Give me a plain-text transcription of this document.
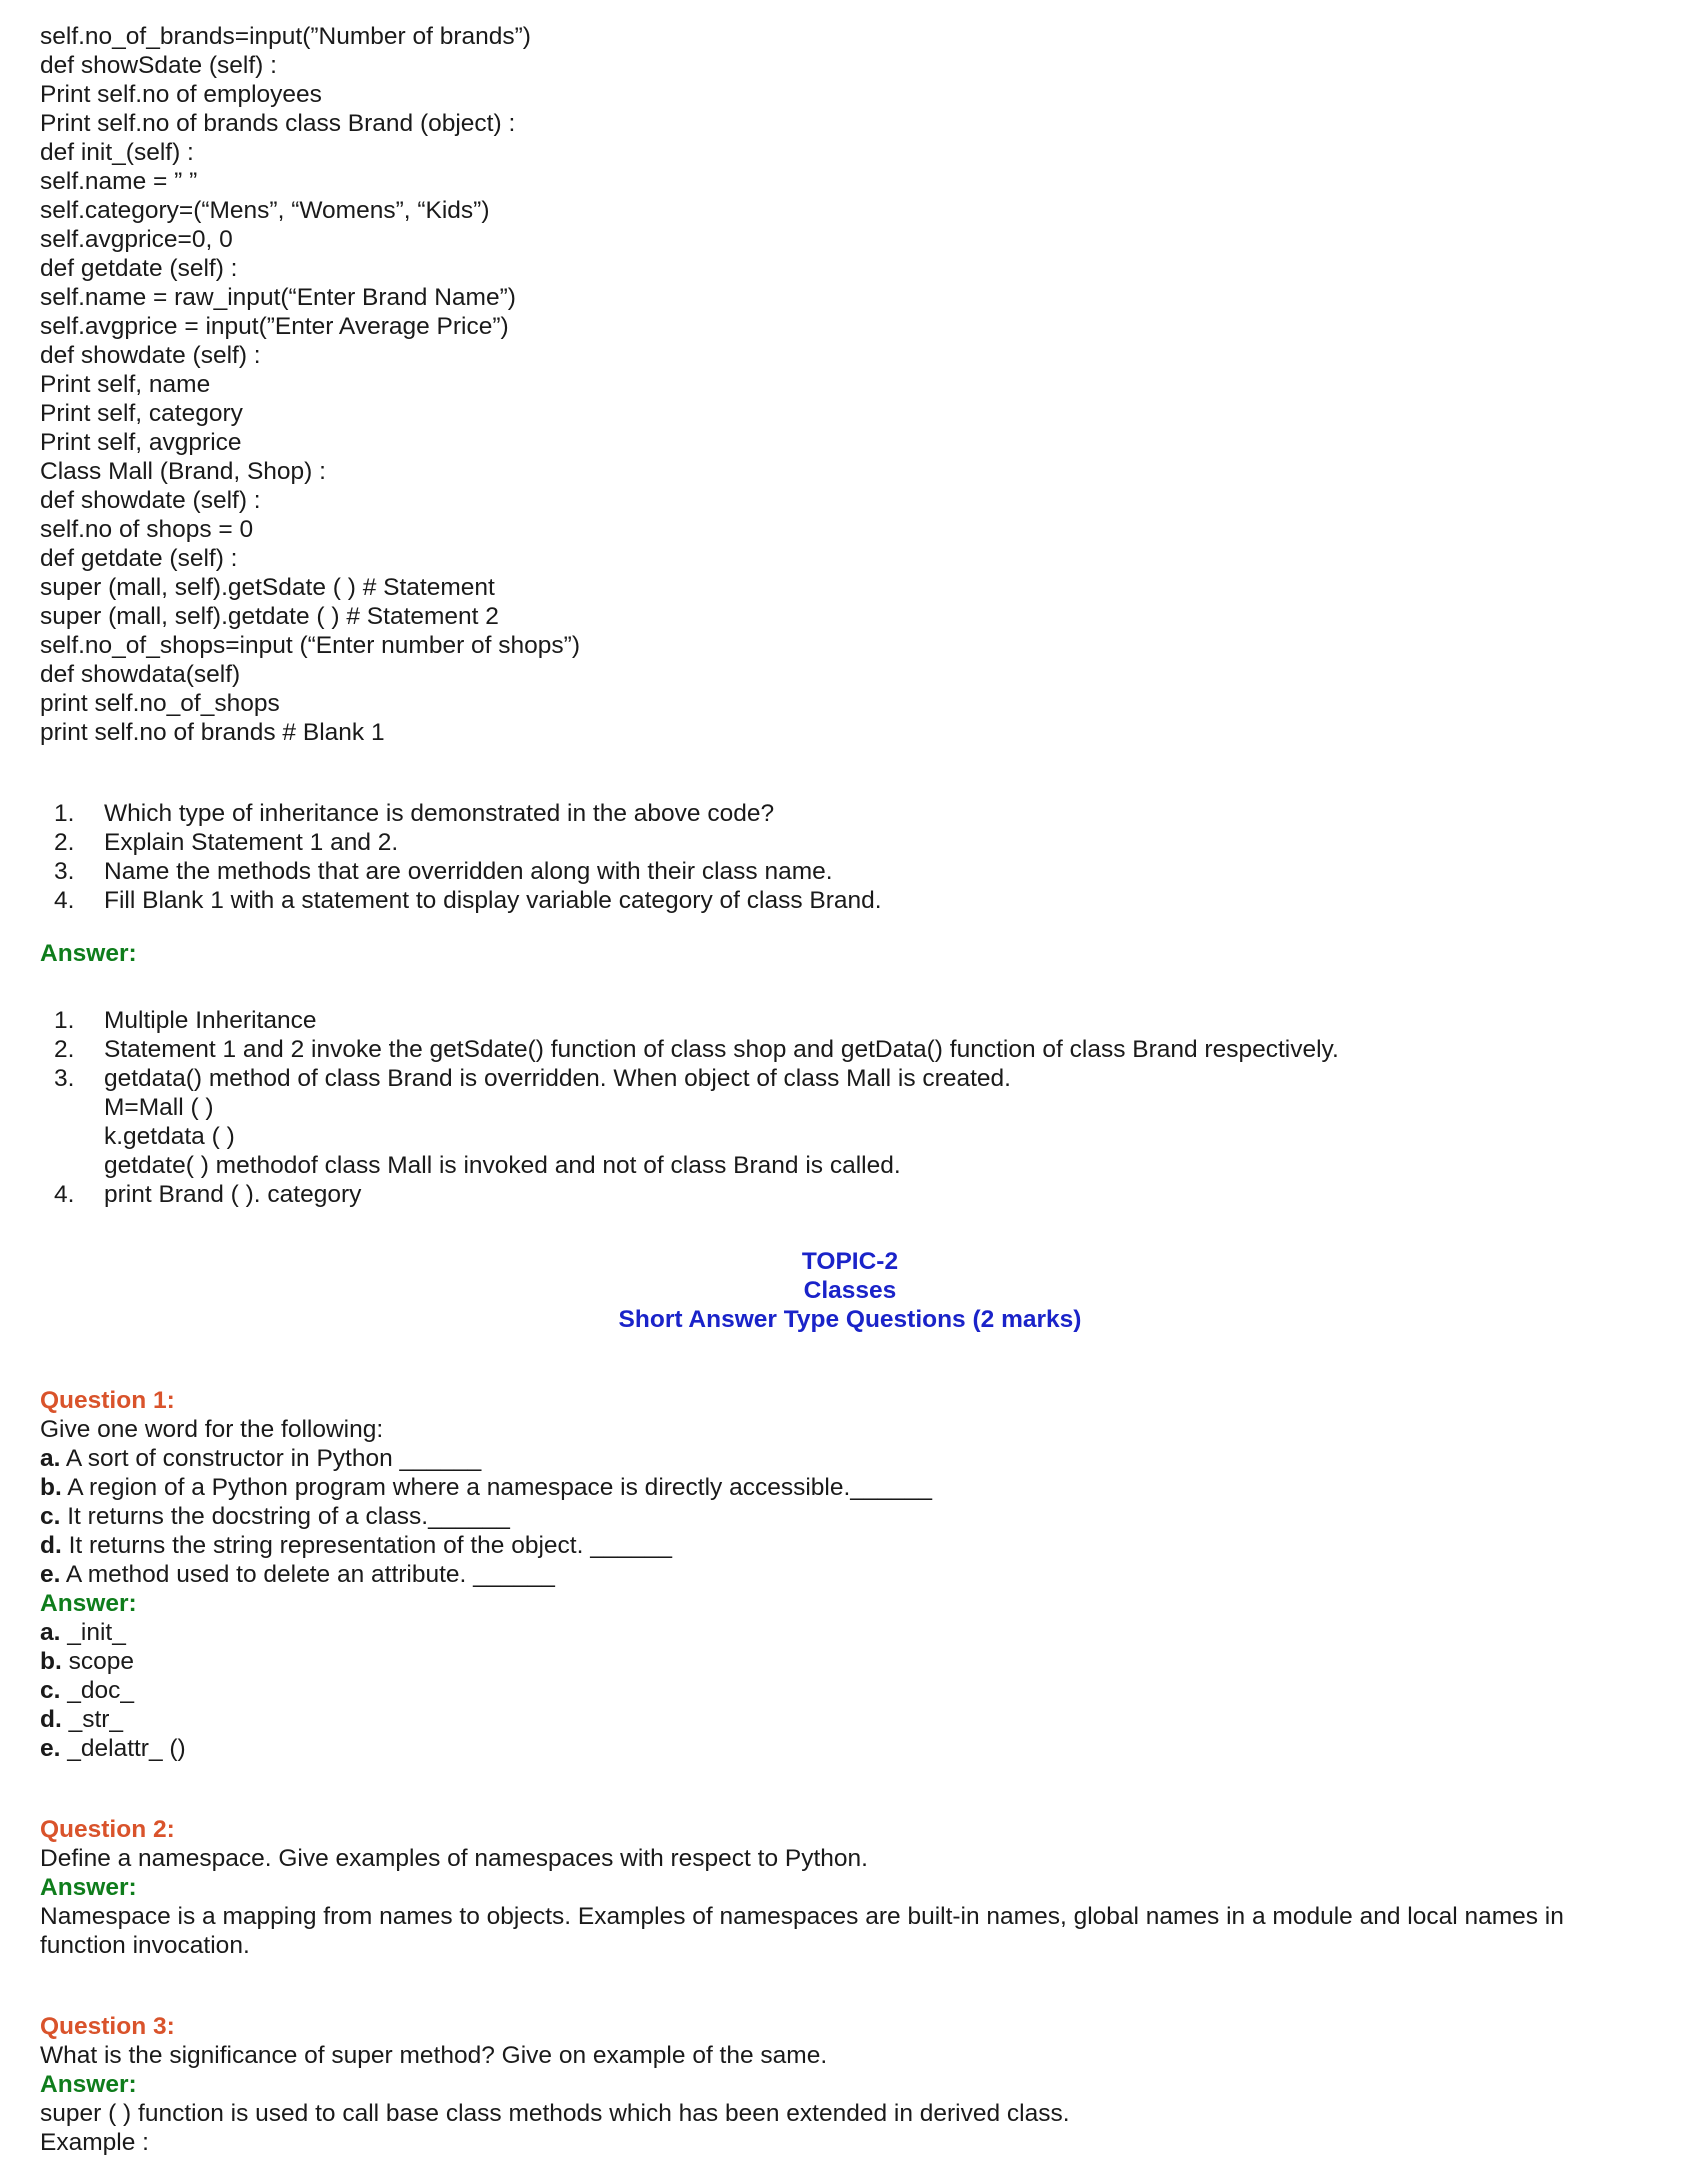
self.no_of_brands=input(”Number of brands”)
def showSdate (self) :
Print self.no of employees
Print self.no of brands class Brand (object) :
def init_(self) :
self.name = ” ”
self.category=(“Mens”, “Womens”, “Kids”)
self.avgprice=0, 0
def getdate (self) :
self.name = raw_input(“Enter Brand Name”)
self.avgprice = input(”Enter Average Price”)
def showdate (self) :
Print self, name
Print self, category
Print self, avgprice
Class Mall (Brand, Shop) :
def showdate (self) :
self.no of shops = 0
def getdate (self) :
super (mall, self).getSdate ( ) # Statement
super (mall, self).getdate ( ) # Statement 2
self.no_of_shops=input (“Enter number of shops”)
def showdata(self)
print self.no_of_shops
print self.no of brands # Blank 1
1.	Which type of inheritance is demonstrated in the above code?
2.	Explain Statement 1 and 2.
3.	Name the methods that are overridden along with their class name.
4.	Fill Blank 1 with a statement to display variable category of class Brand.
Answer:
1.	Multiple Inheritance
2.	Statement 1 and 2 invoke the getSdate() function of class shop and getData() function of class Brand respectively.
3.	getdata() method of class Brand is overridden. When object of class Mall is created.
M=Mall ( )
k.getdata ( )
getdate( ) methodof class Mall is invoked and not of class Brand is called.
4.	print Brand ( ). category
TOPIC-2
Classes
Short Answer Type Questions (2 marks)
Question 1:
Give one word for the following:
a. A sort of constructor in Python ______
b. A region of a Python program where a namespace is directly accessible.______
c. It returns the docstring of a class.______
d. It returns the string representation of the object. ______
e. A method used to delete an attribute. ______
Answer:
a. _init_
b. scope
c. _doc_
d. _str_
e. _delattr_ ()
Question 2:
Define a namespace. Give examples of namespaces with respect to Python.
Answer:
Namespace is a mapping from names to objects. Examples of namespaces are built-in names, global names in a module and local names in function invocation.
Question 3:
What is the significance of super method? Give on example of the same.
Answer:
super ( ) function is used to call base class methods which has been extended in derived class.
Example :
